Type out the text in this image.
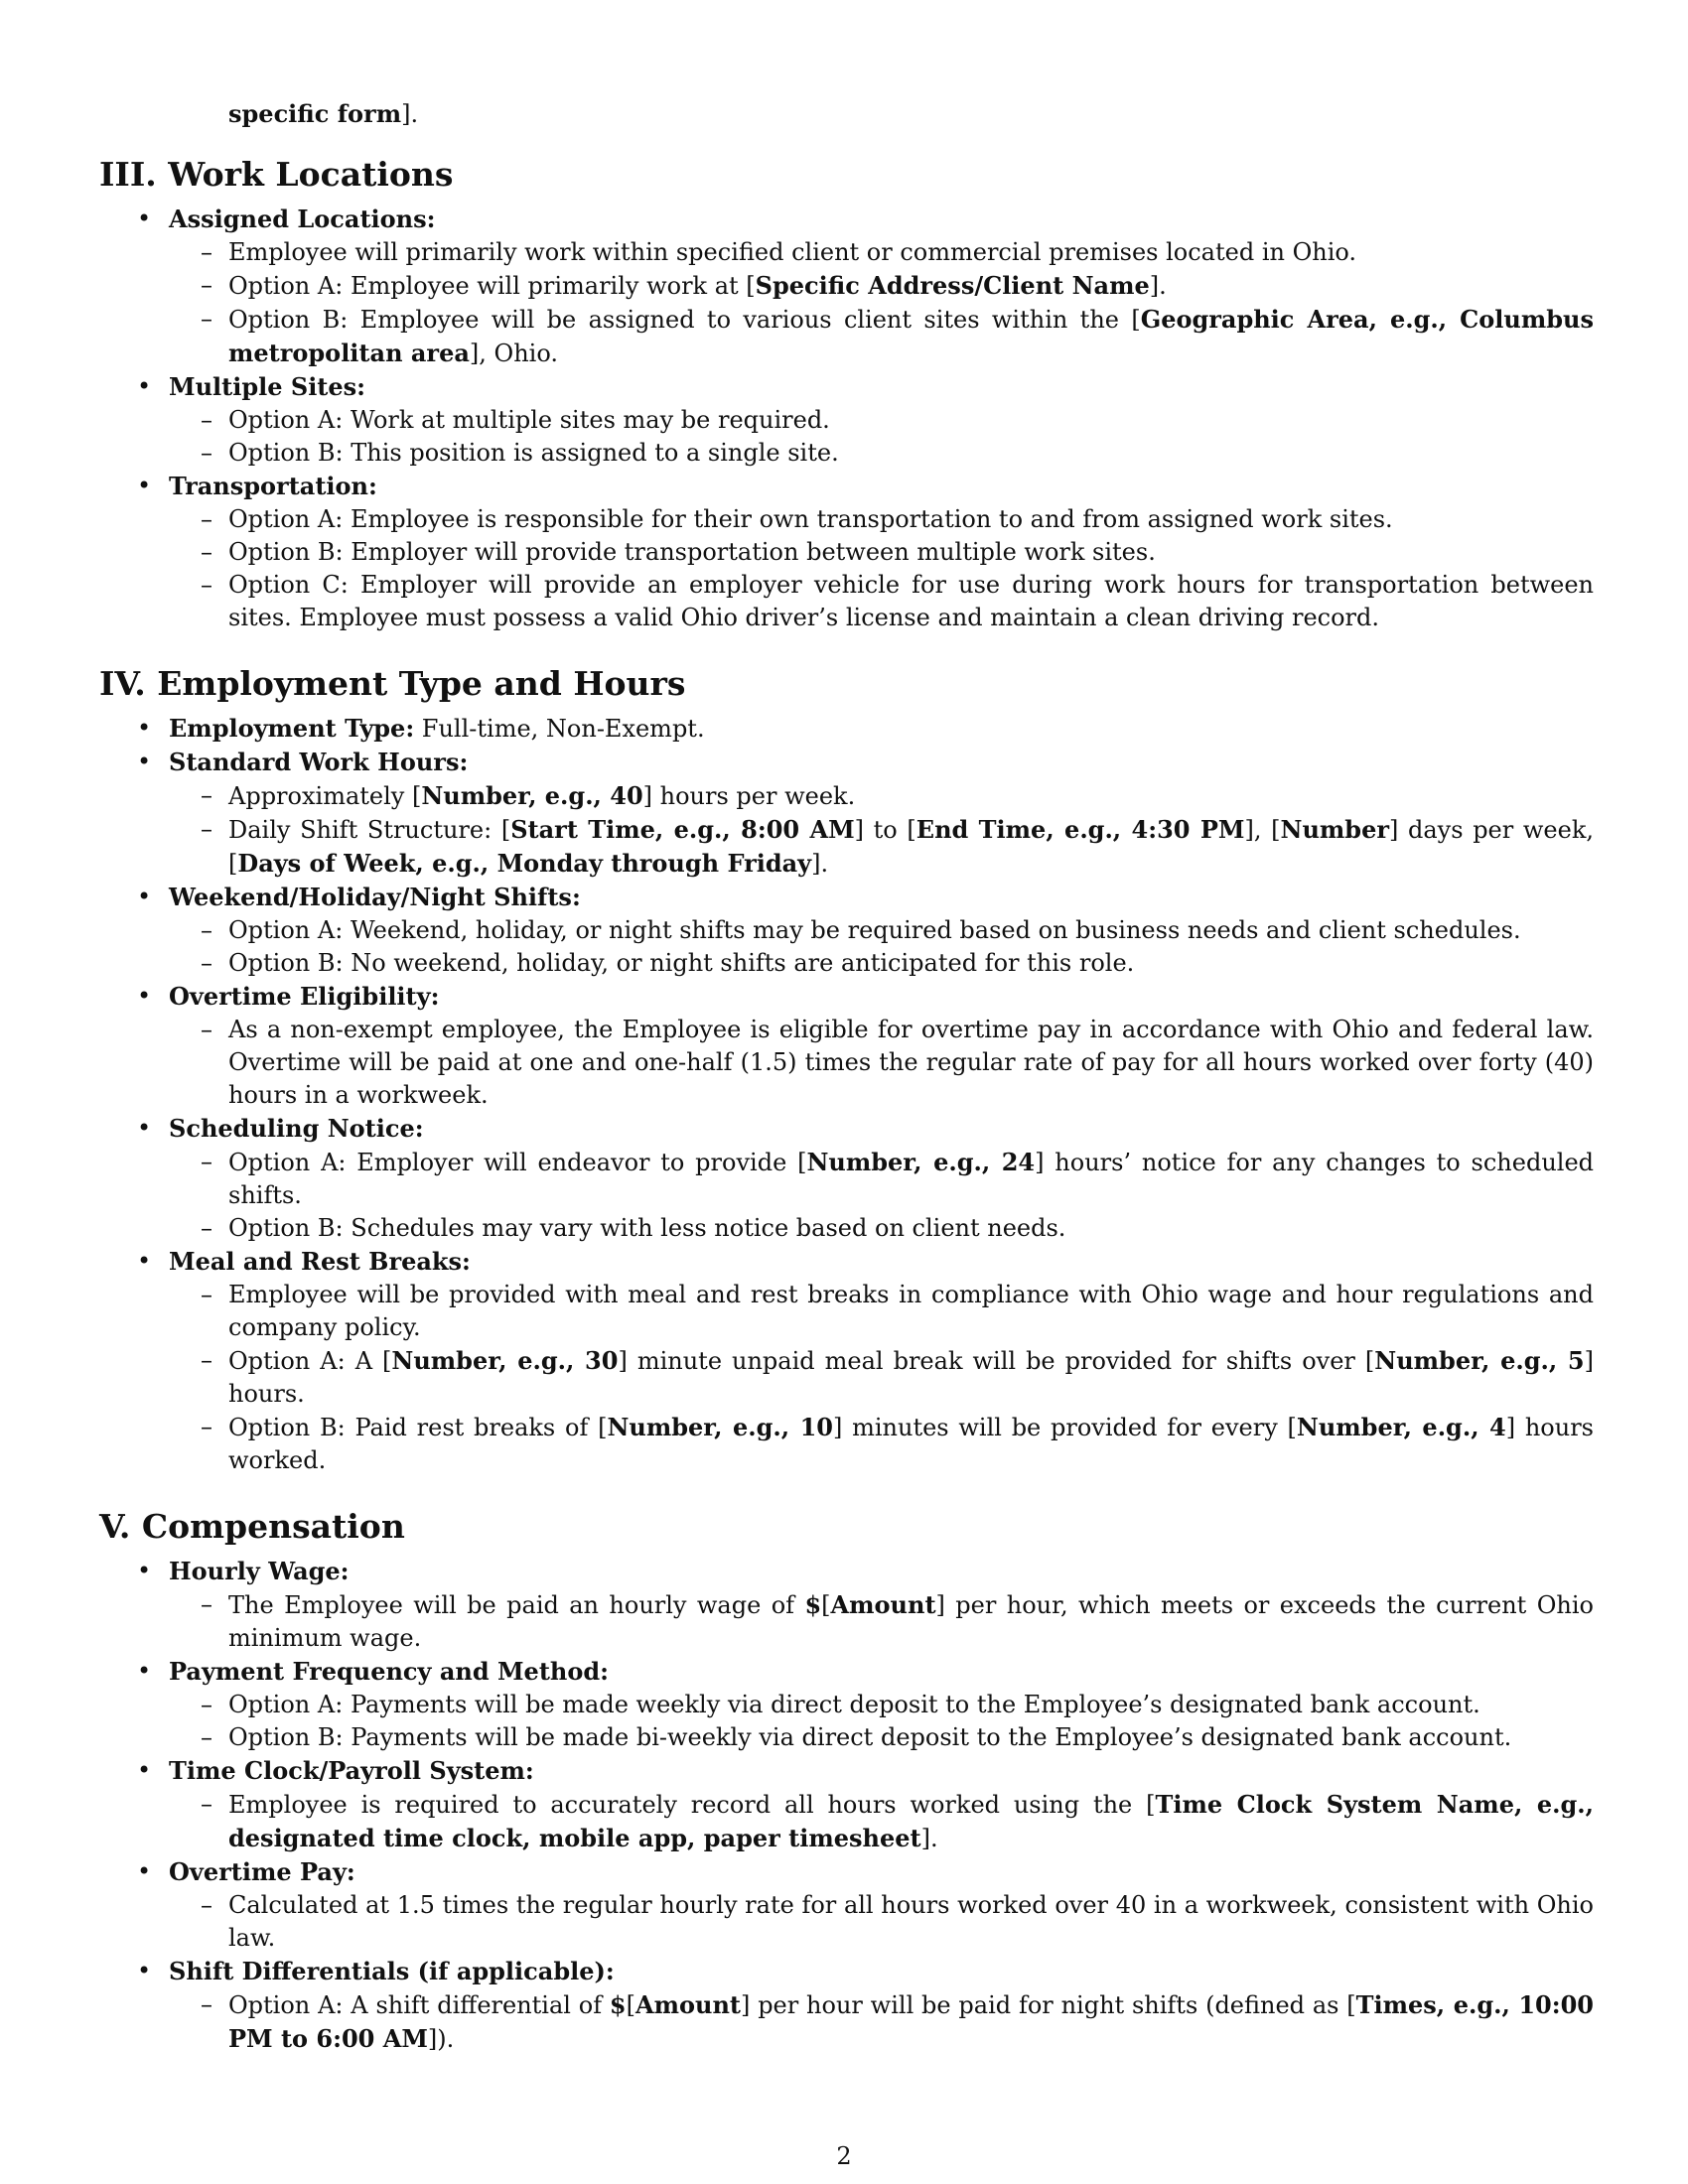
specific form].
III. Work Locations
• Assigned Locations:
– Employee will primarily work within specified client or commercial premises located in Ohio.
– Option A: Employee will primarily work at [Specific Address/Client Name].
– Option B: Employee will be assigned to various client sites within the [Geographic Area, e.g., Columbus metropolitan area], Ohio.
• Multiple Sites:
– Option A: Work at multiple sites may be required.
– Option B: This position is assigned to a single site.
• Transportation:
– Option A: Employee is responsible for their own transportation to and from assigned work sites.
– Option B: Employer will provide transportation between multiple work sites.
– Option C: Employer will provide an employer vehicle for use during work hours for transportation between sites. Employee must possess a valid Ohio driver’s license and maintain a clean driving record.
IV. Employment Type and Hours
• Employment Type: Full-time, Non-Exempt.
• Standard Work Hours:
– Approximately [Number, e.g., 40] hours per week.
– Daily Shift Structure: [Start Time, e.g., 8:00 AM] to [End Time, e.g., 4:30 PM], [Number] days per week, [Days of Week, e.g., Monday through Friday].
• Weekend/Holiday/Night Shifts:
– Option A: Weekend, holiday, or night shifts may be required based on business needs and client schedules.
– Option B: No weekend, holiday, or night shifts are anticipated for this role.
• Overtime Eligibility:
– As a non-exempt employee, the Employee is eligible for overtime pay in accordance with Ohio and federal law. Overtime will be paid at one and one-half (1.5) times the regular rate of pay for all hours worked over forty (40) hours in a workweek.
• Scheduling Notice:
– Option A: Employer will endeavor to provide [Number, e.g., 24] hours’ notice for any changes to scheduled shifts.
– Option B: Schedules may vary with less notice based on client needs.
• Meal and Rest Breaks:
– Employee will be provided with meal and rest breaks in compliance with Ohio wage and hour regulations and company policy.
– Option A: A [Number, e.g., 30] minute unpaid meal break will be provided for shifts over [Number, e.g., 5] hours.
– Option B: Paid rest breaks of [Number, e.g., 10] minutes will be provided for every [Number, e.g., 4] hours worked.
V. Compensation
• Hourly Wage:
– The Employee will be paid an hourly wage of $[Amount] per hour, which meets or exceeds the current Ohio minimum wage.
• Payment Frequency and Method:
– Option A: Payments will be made weekly via direct deposit to the Employee’s designated bank account.
– Option B: Payments will be made bi-weekly via direct deposit to the Employee’s designated bank account.
• Time Clock/Payroll System:
– Employee is required to accurately record all hours worked using the [Time Clock System Name, e.g., designated time clock, mobile app, paper timesheet].
• Overtime Pay:
– Calculated at 1.5 times the regular hourly rate for all hours worked over 40 in a workweek, consistent with Ohio law.
• Shift Differentials (if applicable):
– Option A: A shift differential of $[Amount] per hour will be paid for night shifts (defined as [Times, e.g., 10:00 PM to 6:00 AM]).
2
